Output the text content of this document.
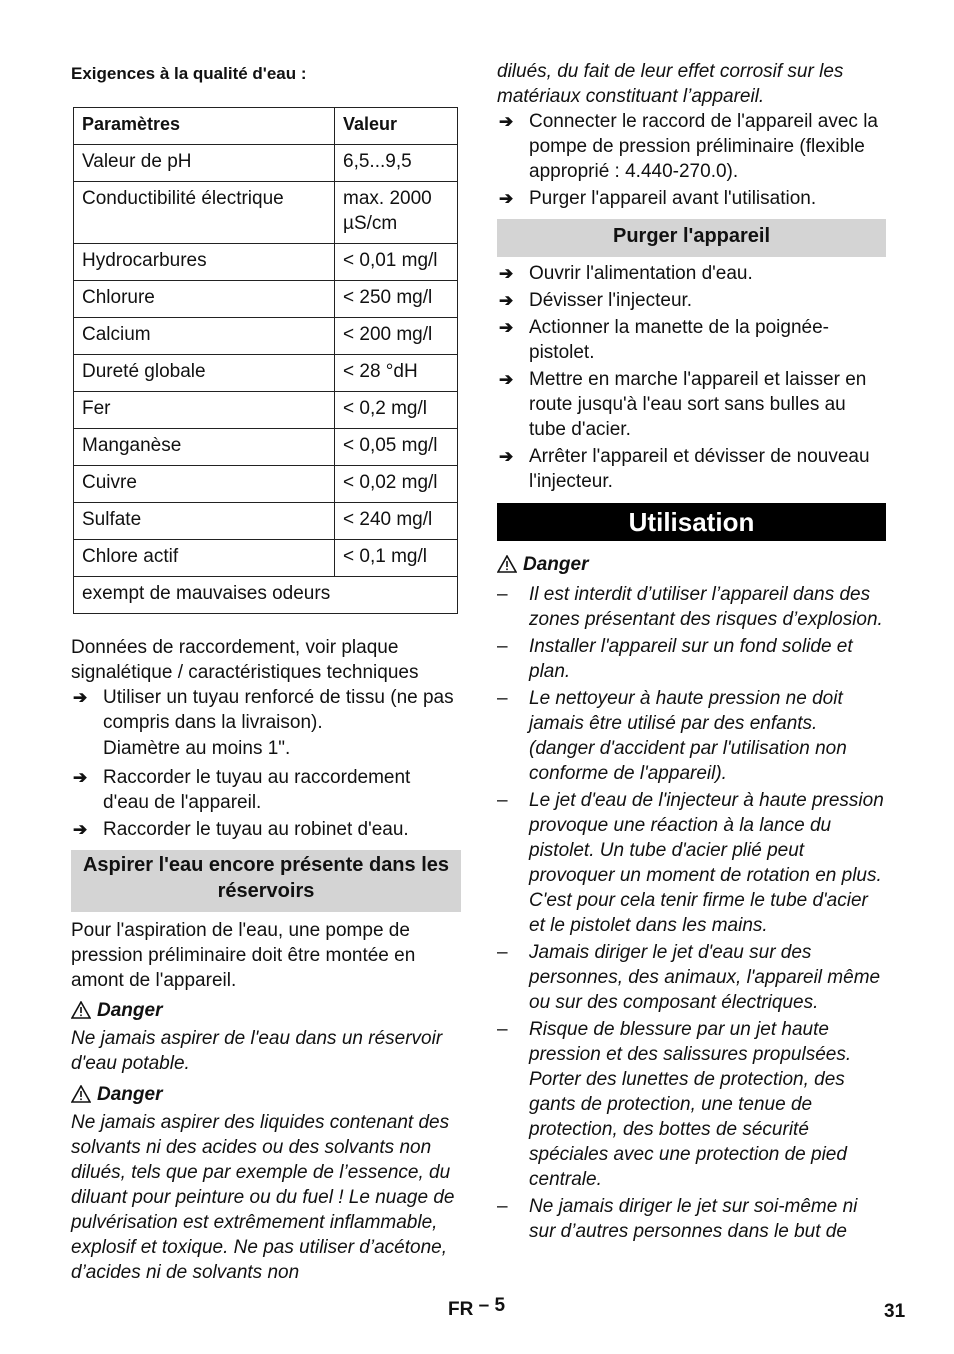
Exigences à la qualité d'eau :
Paramètres	Valeur
Valeur de pH	6,5...9,5
Conductibilité électrique	max. 2000 µS/cm
Hydrocarbures	< 0,01 mg/l
Chlorure	< 250 mg/l
Calcium	< 200 mg/l
Dureté globale	< 28 °dH
Fer	< 0,2 mg/l
Manganèse	< 0,05 mg/l
Cuivre	< 0,02 mg/l
Sulfate	< 240 mg/l
Chlore actif	< 0,1 mg/l
exempt de mauvaises odeurs	

Données de raccordement, voir plaque signalétique / caractéristiques techniques

➔ Utiliser un tuyau renforcé de tissu (ne pas compris dans la livraison).

Diamètre au moins 1".

➔ Raccorder le tuyau au raccordement d'eau de l'appareil.

➔ Raccorder le tuyau au robinet d'eau.

Aspirer l'eau encore présente dans les réservoirs
Pour l'aspiration de l'eau, une pompe de pression préliminaire doit être montée en amont de l'appareil.
Danger
Ne jamais aspirer de l'eau dans un réservoir d'eau potable.
Danger
Ne jamais aspirer des liquides contenant des solvants ni des acides ou des solvants non dilués, tels que par exemple de l’essence, du diluant pour peinture ou du fuel ! Le nuage de pulvérisation est extrêmement inflammable, explosif et toxique. Ne pas utiliser d’acétone, d’acides ni de solvants non
dilués, du fait de leur effet corrosif sur les matériaux constituant l’appareil.

➔ Connecter le raccord de l'appareil avec la pompe de pression préliminaire (flexible approprié : 4.440-270.0).

➔ Purger l'appareil avant l'utilisation.

Purger l'appareil

➔ Ouvrir l'alimentation d'eau.

➔ Dévisser l'injecteur.

➔ Actionner la manette de la poignée-pistolet.

➔ Mettre en marche l'appareil et laisser en route jusqu'à l'eau sort sans bulles au tube d'acier.

➔ Arrêter l'appareil et dévisser de nouveau l'injecteur.

Utilisation
Danger

– Il est interdit d’utiliser l’appareil dans des zones présentant des risques d’explosion.

– Installer l'appareil sur un fond solide et plan.

– Le nettoyeur à haute pression ne doit jamais être utilisé par des enfants. (danger d'accident par l'utilisation non conforme de l'appareil).

– Le jet d'eau de l'injecteur à haute pression provoque une réaction à la lance du pistolet. Un tube d'acier plié peut provoquer un moment de rotation en plus. C'est pour cela tenir firme le tube d'acier et le pistolet dans les mains.

– Jamais diriger le jet d'eau sur des personnes, des animaux, l'appareil même ou sur des composant électriques.

– Risque de blessure par un jet haute pression et des salissures propulsées. Porter des lunettes de protection, des gants de protection, une tenue de protection, des bottes de sécurité spéciales avec une protection de pied centrale.

– Ne jamais diriger le jet sur soi-même ni sur d’autres personnes dans le but de

FR – 5	31
